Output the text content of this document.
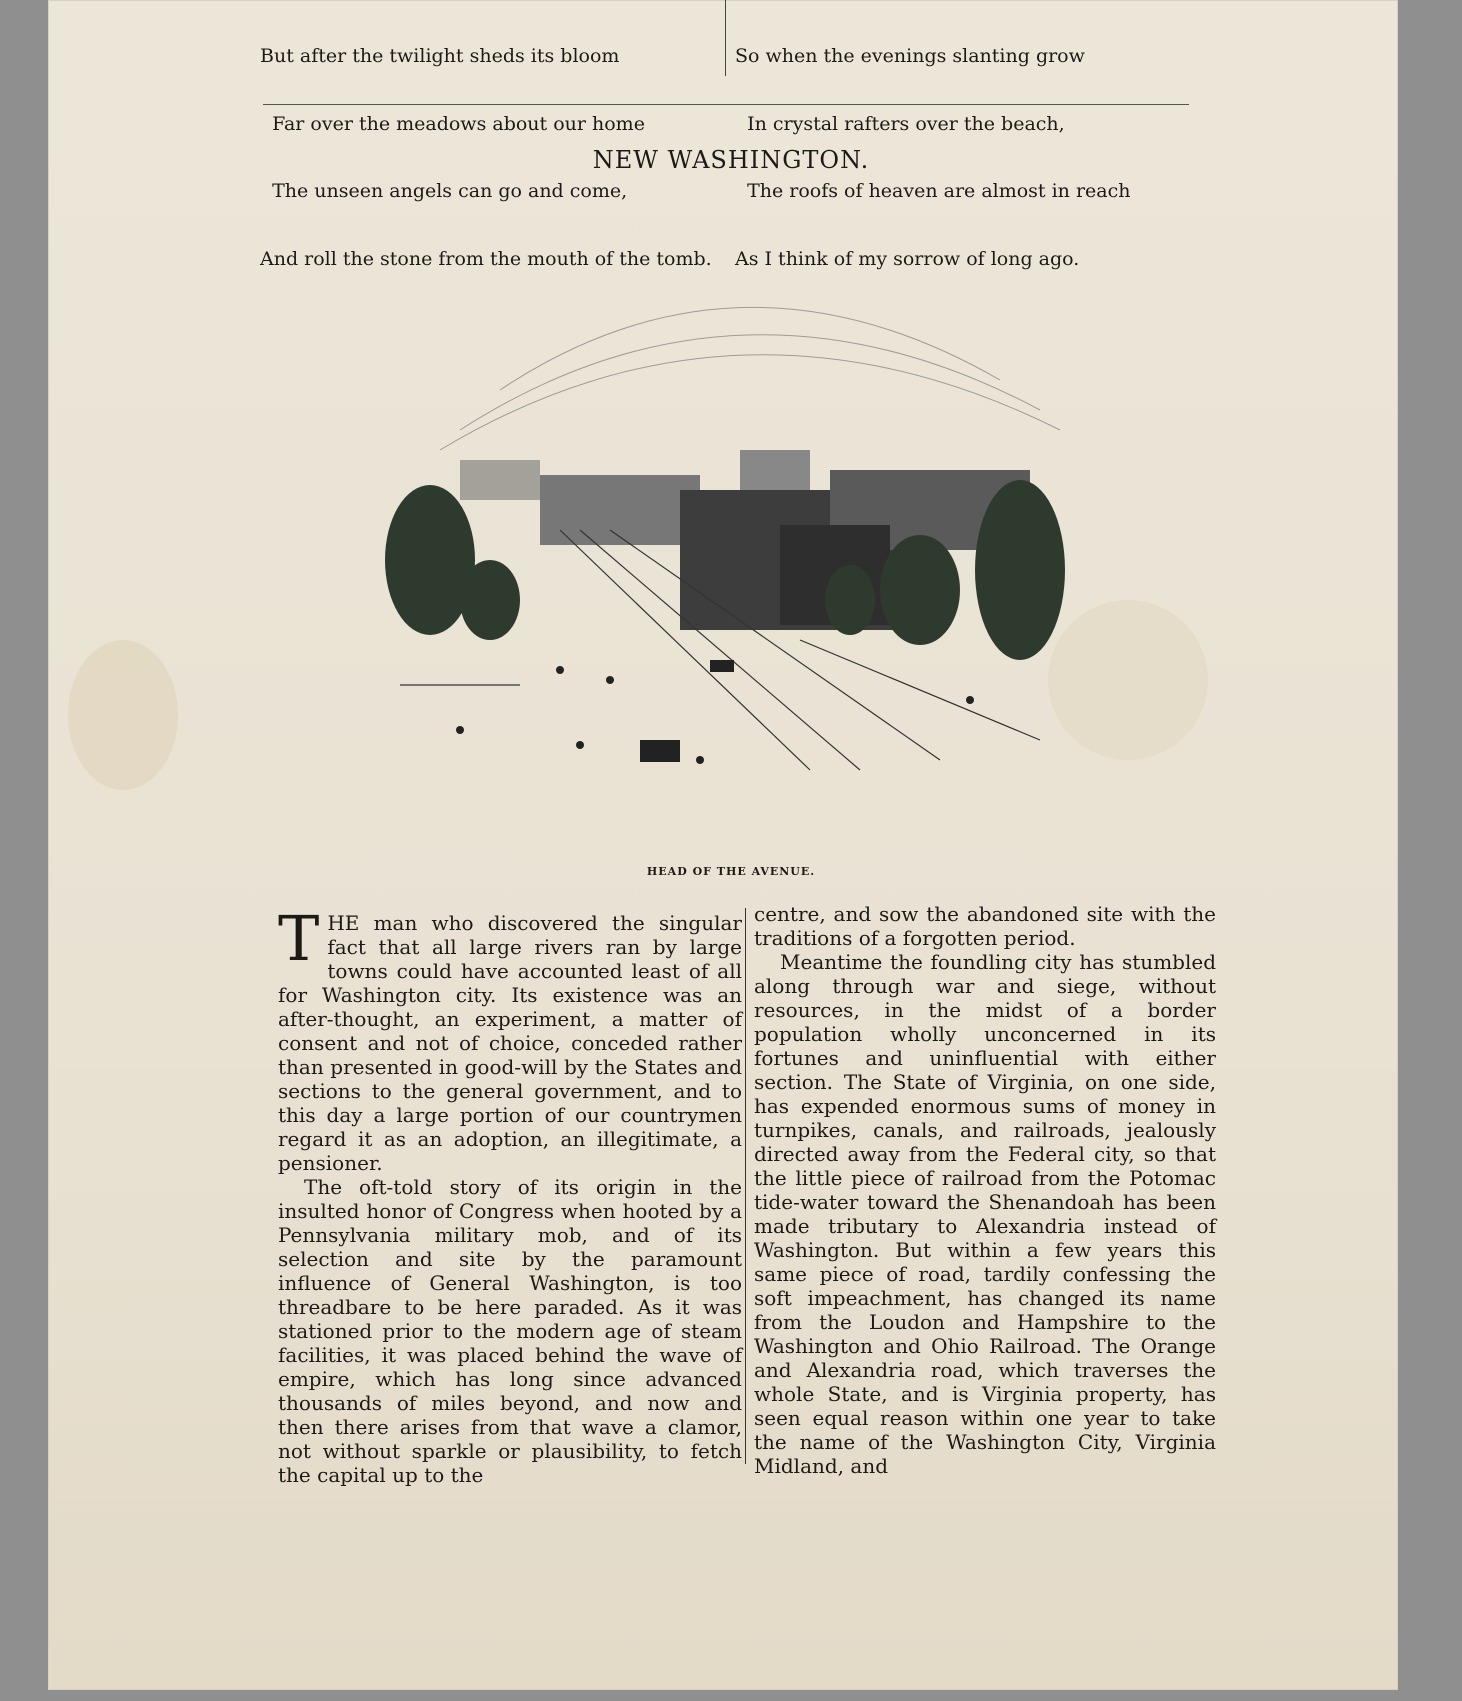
But after the twilight sheds its bloom

Far over the meadows about our home

The unseen angels can go and come,

And roll the stone from the mouth of the tomb.

So when the evenings slanting grow

In crystal rafters over the beach,

The roofs of heaven are almost in reach

As I think of my sorrow of long ago.

NEW WASHINGTON.
HEAD OF THE AVENUE.

THE man who discovered the singular fact that all large rivers ran by large towns could have accounted least of all for Washington city. Its existence was an after-thought, an experiment, a matter of consent and not of choice, conceded rather than presented in good-will by the States and sections to the general government, and to this day a large portion of our countrymen regard it as an adoption, an illegitimate, a pensioner.

The oft-told story of its origin in the insulted honor of Congress when hooted by a Pennsylvania military mob, and of its selection and site by the paramount influence of General Washington, is too threadbare to be here paraded. As it was stationed prior to the modern age of steam facilities, it was placed behind the wave of empire, which has long since advanced thousands of miles beyond, and now and then there arises from that wave a clamor, not without sparkle or plausibility, to fetch the capital up to the

centre, and sow the abandoned site with the traditions of a forgotten period.

Meantime the foundling city has stumbled along through war and siege, without resources, in the midst of a border population wholly unconcerned in its fortunes and uninfluential with either section. The State of Virginia, on one side, has expended enormous sums of money in turnpikes, canals, and railroads, jealously directed away from the Federal city, so that the little piece of railroad from the Potomac tide-water toward the Shenandoah has been made tributary to Alexandria instead of Washington. But within a few years this same piece of road, tardily confessing the soft impeachment, has changed its name from the Loudon and Hampshire to the Washington and Ohio Railroad. The Orange and Alexandria road, which traverses the whole State, and is Virginia property, has seen equal reason within one year to take the name of the Washington City, Virginia Midland, and
